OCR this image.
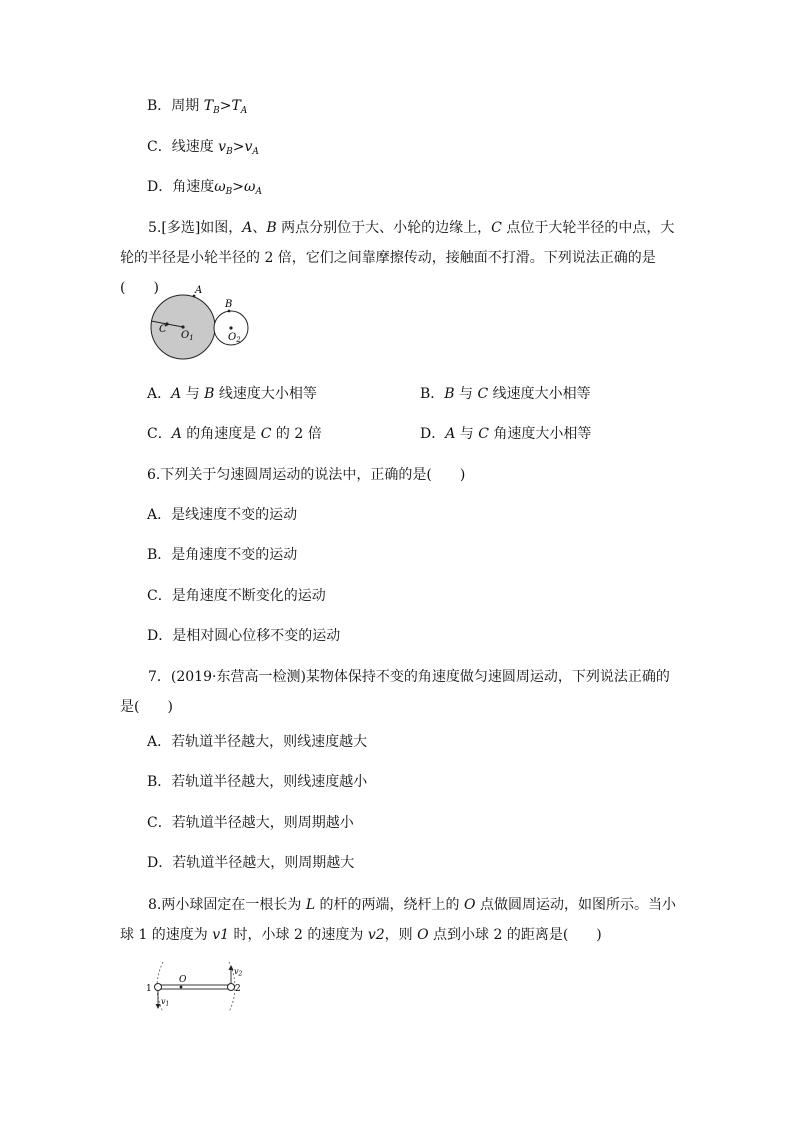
B．周期 $T_B>T_A$
C．线速度 $v_B>v_A$
D．角速度$\omega_B>\omega_A$
5.[多选]如图，A、B 两点分别位于大、小轮的边缘上，C 点位于大轮半径的中点，大轮的半径是小轮半径的 2 倍，它们之间靠摩擦传动，接触面不打滑。下列说法正确的是(　　)	A
B
C
$O_1$	$O_2$
A．A 与 B 线速度大小相等	B．B 与 C 线速度大小相等
C．A 的角速度是 C 的 2 倍	D．A 与 C 角速度大小相等
6.下列关于匀速圆周运动的说法中，正确的是(　　)
A．是线速度不变的运动
B．是角速度不变的运动
C．是角速度不断变化的运动
D．是相对圆心位移不变的运动
7．(2019·东营高一检测)某物体保持不变的角速度做匀速圆周运动，下列说法正确的是(　　)
A．若轨道半径越大，则线速度越大
B．若轨道半径越大，则线速度越小
C．若轨道半径越大，则周期越小
D．若轨道半径越大，则周期越大
8.两小球固定在一根长为 L 的杆的两端，绕杆上的 O 点做圆周运动，如图所示。当小球 1 的速度为 v1 时，小球 2 的速度为 v2，则 O 点到小球 2 的距离是(　　)
1	2
O
v1
v2
